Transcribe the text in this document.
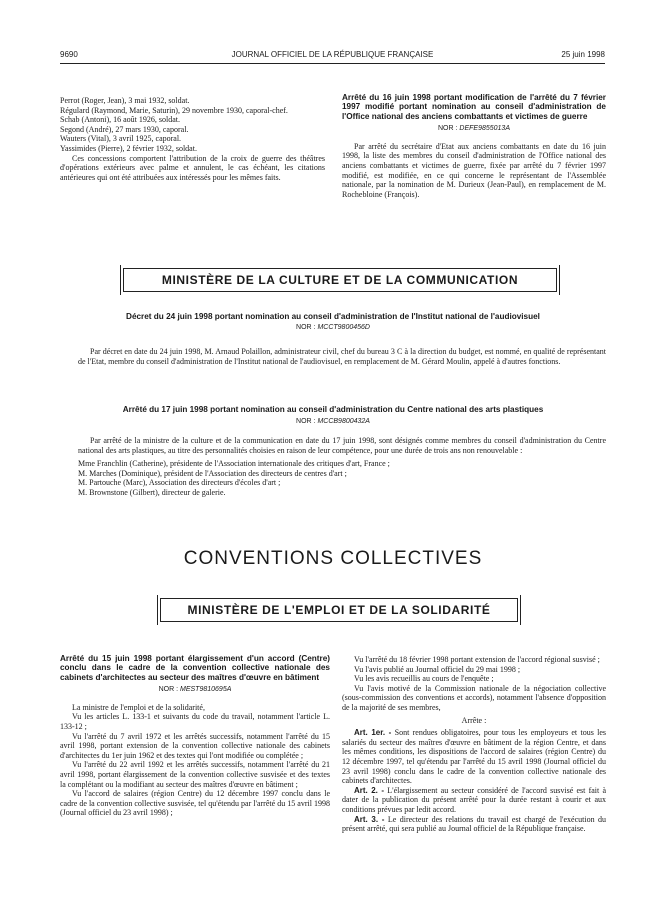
9690	JOURNAL OFFICIEL DE LA RÉPUBLIQUE FRANÇAISE	25 juin 1998

Perrot (Roger, Jean), 3 mai 1932, soldat.

Régulard (Raymond, Marie, Saturin), 29 novembre 1930, caporal-chef.

Schab (Antoni), 16 août 1926, soldat.

Segond (André), 27 mars 1930, caporal.

Wauters (Vital), 3 avril 1925, caporal.

Yassimides (Pierre), 2 février 1932, soldat.

Ces concessions comportent l'attribution de la croix de guerre des théâtres d'opérations extérieurs avec palme et annulent, le cas échéant, les citations antérieures qui ont été attribuées aux intéressés pour les mêmes faits.

Arrêté du 16 juin 1998 portant modification de l'arrêté du 7 février 1997 modifié portant nomination au conseil d'administration de l'Office national des anciens combattants et victimes de guerre
NOR : DEFE9855013A

Par arrêté du secrétaire d'Etat aux anciens combattants en date du 16 juin 1998, la liste des membres du conseil d'administration de l'Office national des anciens combattants et victimes de guerre, fixée par arrêté du 7 février 1997 modifié, est modifiée, en ce qui concerne le représentant de l'Assemblée nationale, par la nomination de M. Durieux (Jean-Paul), en remplacement de M. Rochebloine (François).

MINISTÈRE DE LA CULTURE ET DE LA COMMUNICATION
Décret du 24 juin 1998 portant nomination au conseil d'administration de l'Institut national de l'audiovisuel
NOR : MCCT9800456D

Par décret en date du 24 juin 1998, M. Arnaud Polaillon, administrateur civil, chef du bureau 3 C à la direction du budget, est nommé, en qualité de représentant de l'Etat, membre du conseil d'administration de l'Institut national de l'audiovisuel, en remplacement de M. Gérard Moulin, appelé à d'autres fonctions.

Arrêté du 17 juin 1998 portant nomination au conseil d'administration du Centre national des arts plastiques
NOR : MCCB9800432A

Par arrêté de la ministre de la culture et de la communication en date du 17 juin 1998, sont désignés comme membres du conseil d'administration du Centre national des arts plastiques, au titre des personnalités choisies en raison de leur compétence, pour une durée de trois ans non renouvelable :

Mme Franchlin (Catherine), présidente de l'Association internationale des critiques d'art, France ;

M. Marches (Dominique), président de l'Association des directeurs de centres d'art ;

M. Partouche (Marc), Association des directeurs d'écoles d'art ;

M. Brownstone (Gilbert), directeur de galerie.

CONVENTIONS COLLECTIVES
MINISTÈRE DE L'EMPLOI ET DE LA SOLIDARITÉ
Arrêté du 15 juin 1998 portant élargissement d'un accord (Centre) conclu dans le cadre de la convention collective nationale des cabinets d'architectes au secteur des maîtres d'œuvre en bâtiment
NOR : MESТ9810695A

La ministre de l'emploi et de la solidarité,

Vu les articles L. 133-1 et suivants du code du travail, notamment l'article L. 133-12 ;

Vu l'arrêté du 7 avril 1972 et les arrêtés successifs, notamment l'arrêté du 15 avril 1998, portant extension de la convention collective nationale des cabinets d'architectes du 1er juin 1962 et des textes qui l'ont modifiée ou complétée ;

Vu l'arrêté du 22 avril 1992 et les arrêtés successifs, notamment l'arrêté du 21 avril 1998, portant élargissement de la convention collective susvisée et des textes la complétant ou la modifiant au secteur des maîtres d'œuvre en bâtiment ;

Vu l'accord de salaires (région Centre) du 12 décembre 1997 conclu dans le cadre de la convention collective susvisée, tel qu'étendu par l'arrêté du 15 avril 1998 (Journal officiel du 23 avril 1998) ;

Vu l'arrêté du 18 février 1998 portant extension de l'accord régional susvisé ;

Vu l'avis publié au Journal officiel du 29 mai 1998 ;

Vu les avis recueillis au cours de l'enquête ;

Vu l'avis motivé de la Commission nationale de la négociation collective (sous-commission des conventions et accords), notamment l'absence d'opposition de la majorité de ses membres,

Arrête :

Art. 1er. - Sont rendues obligatoires, pour tous les employeurs et tous les salariés du secteur des maîtres d'œuvre en bâtiment de la région Centre, et dans les mêmes conditions, les dispositions de l'accord de salaires (région Centre) du 12 décembre 1997, tel qu'étendu par l'arrêté du 15 avril 1998 (Journal officiel du 23 avril 1998) conclu dans le cadre de la convention collective nationale des cabinets d'architectes.

Art. 2. - L'élargissement au secteur considéré de l'accord susvisé est fait à dater de la publication du présent arrêté pour la durée restant à courir et aux conditions prévues par ledit accord.

Art. 3. - Le directeur des relations du travail est chargé de l'exécution du présent arrêté, qui sera publié au Journal officiel de la République française.
